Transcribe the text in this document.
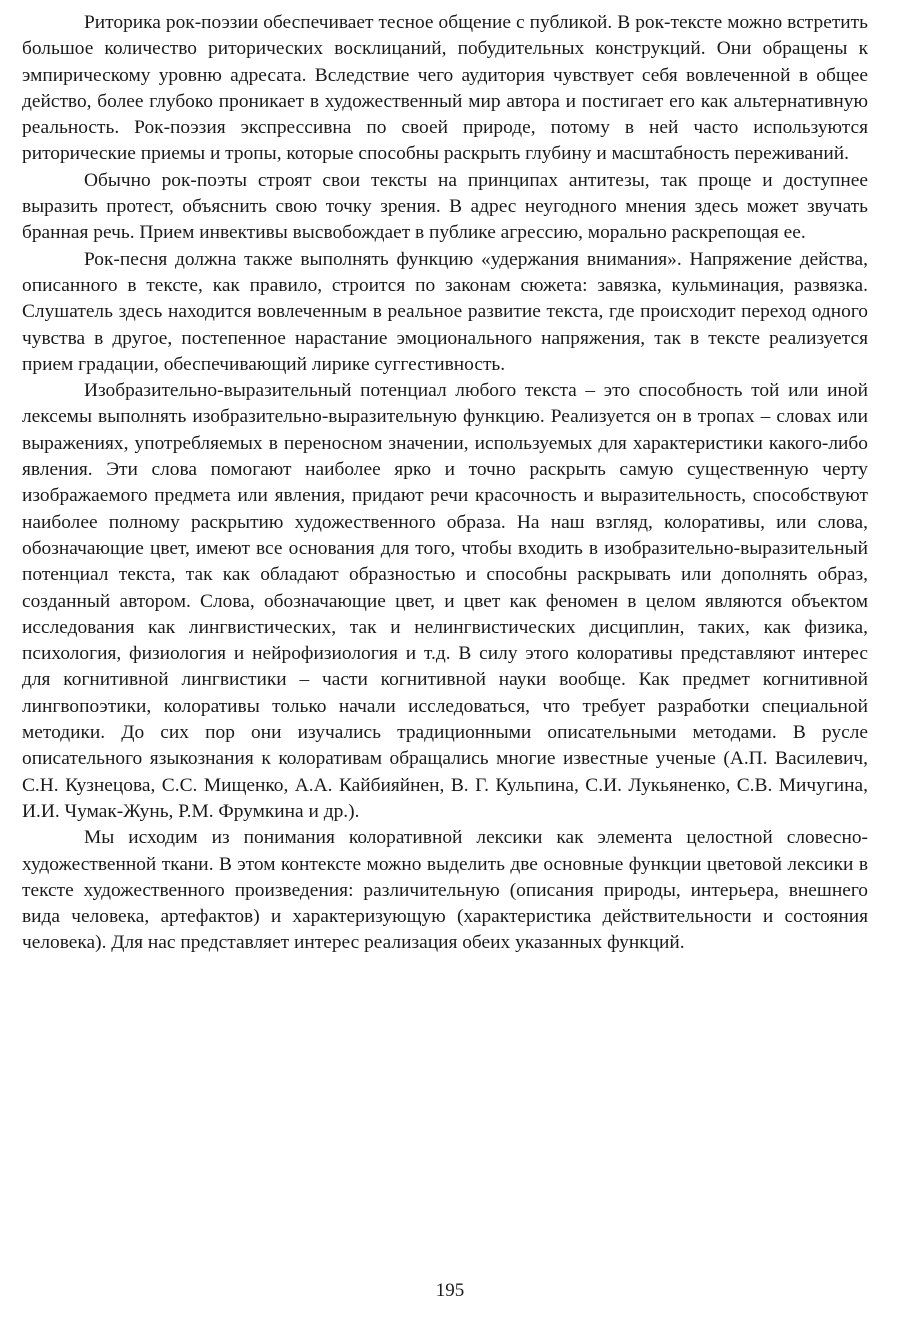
Риторика рок-поэзии обеспечивает тесное общение с публикой. В рок-тексте можно встретить большое количество риторических восклицаний, побудительных конструкций. Они обращены к эмпирическому уровню адресата. Вследствие чего аудитория чувствует себя вовлеченной в общее действо, более глубоко проникает в художественный мир автора и постигает его как альтернативную реальность. Рок-поэзия экспрессивна по своей природе, потому в ней часто используются риторические приемы и тропы, которые способны раскрыть глубину и масштабность переживаний.

Обычно рок-поэты строят свои тексты на принципах антитезы, так проще и доступнее выразить протест, объяснить свою точку зрения. В адрес неугодного мнения здесь может звучать бранная речь. Прием инвективы высвобождает в публике агрессию, морально раскрепощая ее.

Рок-песня должна также выполнять функцию «удержания внимания». Напряжение действа, описанного в тексте, как правило, строится по законам сюжета: завязка, кульминация, развязка. Слушатель здесь находится вовлеченным в реальное развитие текста, где происходит переход одного чувства в другое, постепенное нарастание эмоционального напряжения, так в тексте реализуется прием градации, обеспечивающий лирике суггестивность.

Изобразительно-выразительный потенциал любого текста – это способность той или иной лексемы выполнять изобразительно-выразительную функцию. Реализуется он в тропах – словах или выражениях, употребляемых в переносном значении, используемых для характеристики какого-либо явления. Эти слова помогают наиболее ярко и точно раскрыть самую существенную черту изображаемого предмета или явления, придают речи красочность и выразительность, способствуют наиболее полному раскрытию художественного образа. На наш взгляд, колоративы, или слова, обозначающие цвет, имеют все основания для того, чтобы входить в изобразительно-выразительный потенциал текста, так как обладают образностью и способны раскрывать или дополнять образ, созданный автором. Слова, обозначающие цвет, и цвет как феномен в целом являются объектом исследования как лингвистических, так и нелингвистических дисциплин, таких, как физика, психология, физиология и нейрофизиология и т.д. В силу этого колоративы представляют интерес для когнитивной лингвистики – части когнитивной науки вообще. Как предмет когнитивной лингвопоэтики, колоративы только начали исследоваться, что требует разработки специальной методики. До сих пор они изучались традиционными описательными методами. В русле описательного языкознания к колоративам обращались многие известные ученые (А.П. Василевич, С.Н. Кузнецова, С.С. Мищенко, А.А. Кайбияйнен, В. Г. Кульпина, С.И. Лукьяненко, С.В. Мичугина, И.И. Чумак-Жунь, Р.М. Фрумкина и др.).

Мы исходим из понимания колоративной лексики как элемента целостной словесно-художественной ткани. В этом контексте можно выделить две основные функции цветовой лексики в тексте художественного произведения: различительную (описания природы, интерьера, внешнего вида человека, артефактов) и характеризующую (характеристика действительности и состояния человека). Для нас представляет интерес реализация обеих указанных функций.

195
